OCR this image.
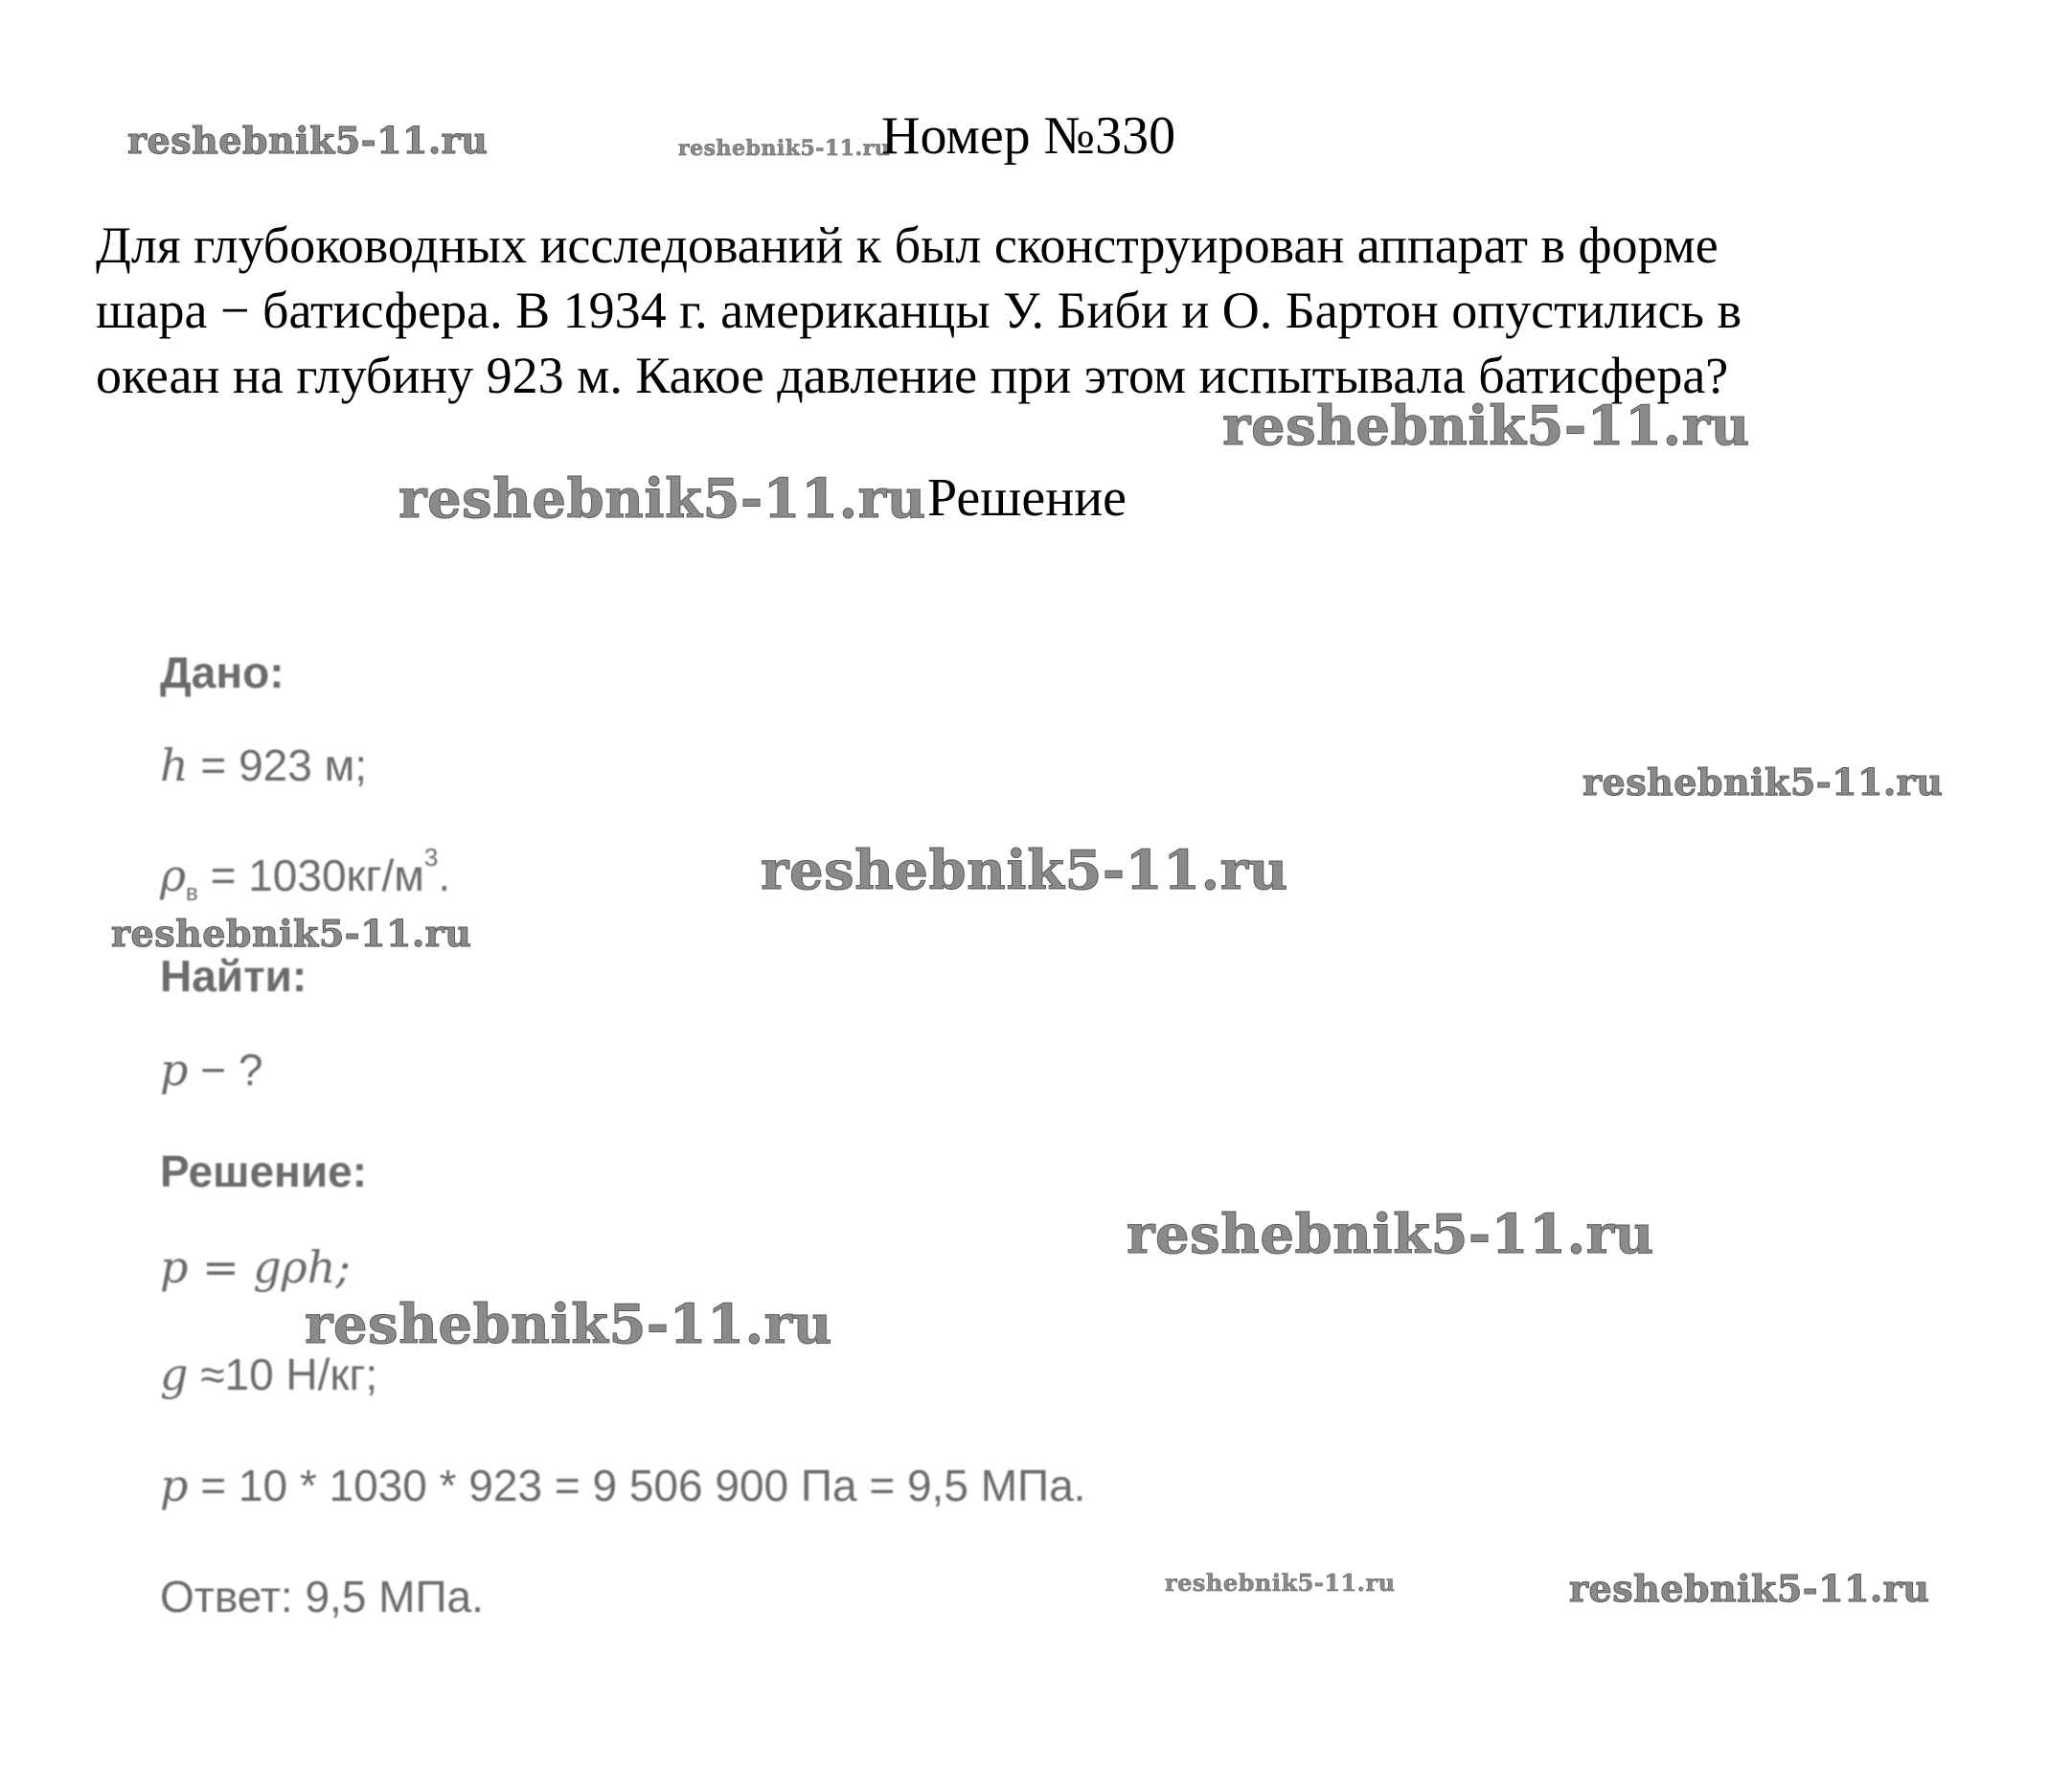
reshebnik5-11.ru	reshebnik5-11.ru
reshebnik5-11.ru
reshebnik5-11.ru
reshebnik5-11.ru
reshebnik5-11.ru
reshebnik5-11.ru
reshebnik5-11.ru
reshebnik5-11.ru
reshebnik5-11.ru	reshebnik5-11.ru
Номер №330
Для глубоководных исследований к был сконструирован аппарат в форме
шара − батисфера. В 1934 г. американцы У. Биби и О. Бартон опустились в
океан на глубину 923 м. Какое давление при этом испытывала батисфера?
Решение
Дано:
h = 923 м;
$\rho_в = 1030кг/м^3$.
Найти:
p − ?
Решение:
p = gρh;
g ≈10 Н/кг;
p = 10 * 1030 * 923 = 9 506 900 Па = 9,5 МПа.
Ответ: 9,5 МПа.
